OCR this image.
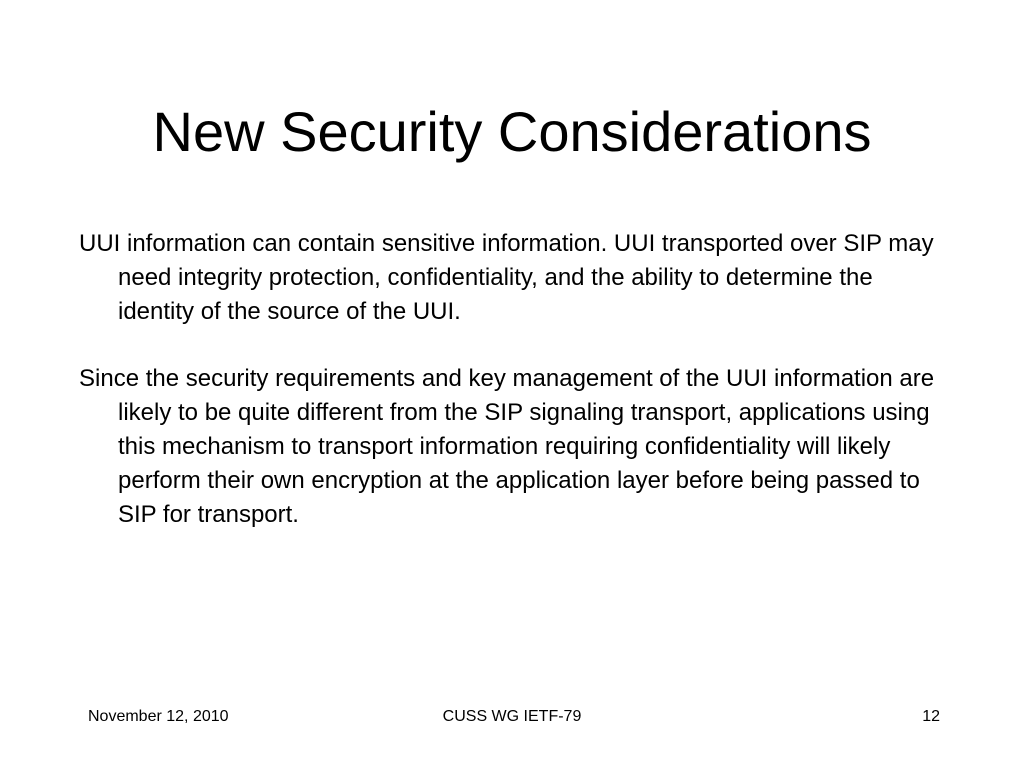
New Security Considerations

UUI information can contain sensitive information. UUI transported over SIP may need integrity protection, confidentiality, and the ability to determine the identity of the source of the UUI.

Since the security requirements and key management of the UUI information are likely to be quite different from the SIP signaling transport, applications using this mechanism to transport information requiring confidentiality will likely perform their own encryption at the application layer before being passed to SIP for transport.

CUSS WG IETF-79
November 12, 2010	12
